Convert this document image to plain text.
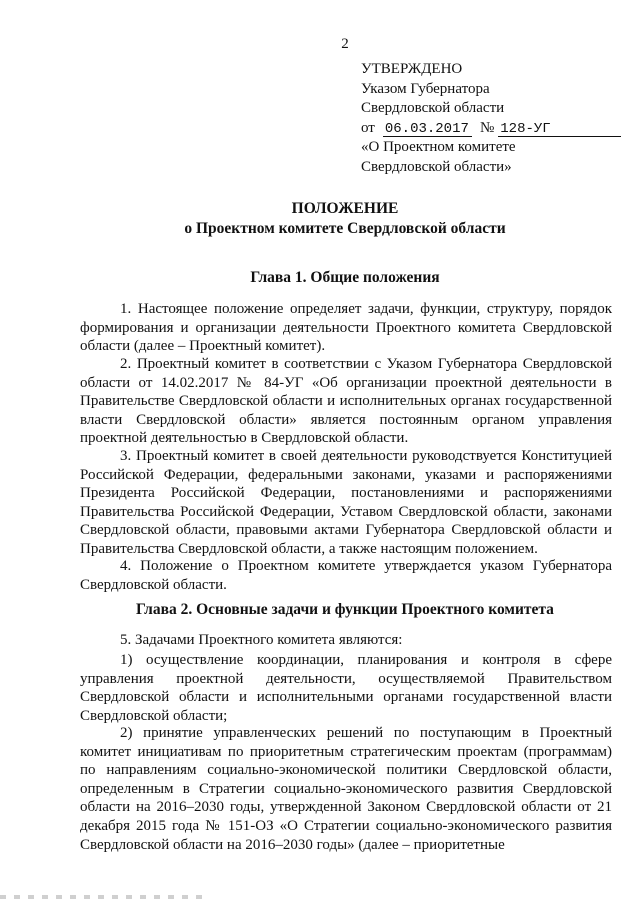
2
УТВЕРЖДЕНО
Указом Губернатора
Свердловской области
от 06.03.2017 № 128-УГ
«О Проектном комитете
Свердловской области»
ПОЛОЖЕНИЕ
о Проектном комитете Свердловской области
Глава 1. Общие положения

1. Настоящее положение определяет задачи, функции, структуру, порядок формирования и организации деятельности Проектного комитета Свердловской области (далее – Проектный комитет).

2. Проектный комитет в соответствии с Указом Губернатора Свердловской области от 14.02.2017 № 84-УГ «Об организации проектной деятельности в Правительстве Свердловской области и исполнительных органах государственной власти Свердловской области» является постоянным органом управления проектной деятельностью в Свердловской области.

3. Проектный комитет в своей деятельности руководствуется Конституцией Российской Федерации, федеральными законами, указами и распоряжениями Президента Российской Федерации, постановлениями и распоряжениями Правительства Российской Федерации, Уставом Свердловской области, законами Свердловской области, правовыми актами Губернатора Свердловской области и Правительства Свердловской области, а также настоящим положением.

4. Положение о Проектном комитете утверждается указом Губернатора Свердловской области.

Глава 2. Основные задачи и функции Проектного комитета

5. Задачами Проектного комитета являются:

1) осуществление координации, планирования и контроля в сфере управления проектной деятельности, осуществляемой Правительством Свердловской области и исполнительными органами государственной власти Свердловской области;

2) принятие управленческих решений по поступающим в Проектный комитет инициативам по приоритетным стратегическим проектам (программам) по направлениям социально-экономической политики Свердловской области, определенным в Стратегии социально-экономического развития Свердловской области на 2016–2030 годы, утвержденной Законом Свердловской области от 21 декабря 2015 года № 151-ОЗ «О Стратегии социально-экономического развития Свердловской области на 2016–2030 годы» (далее – приоритетные
